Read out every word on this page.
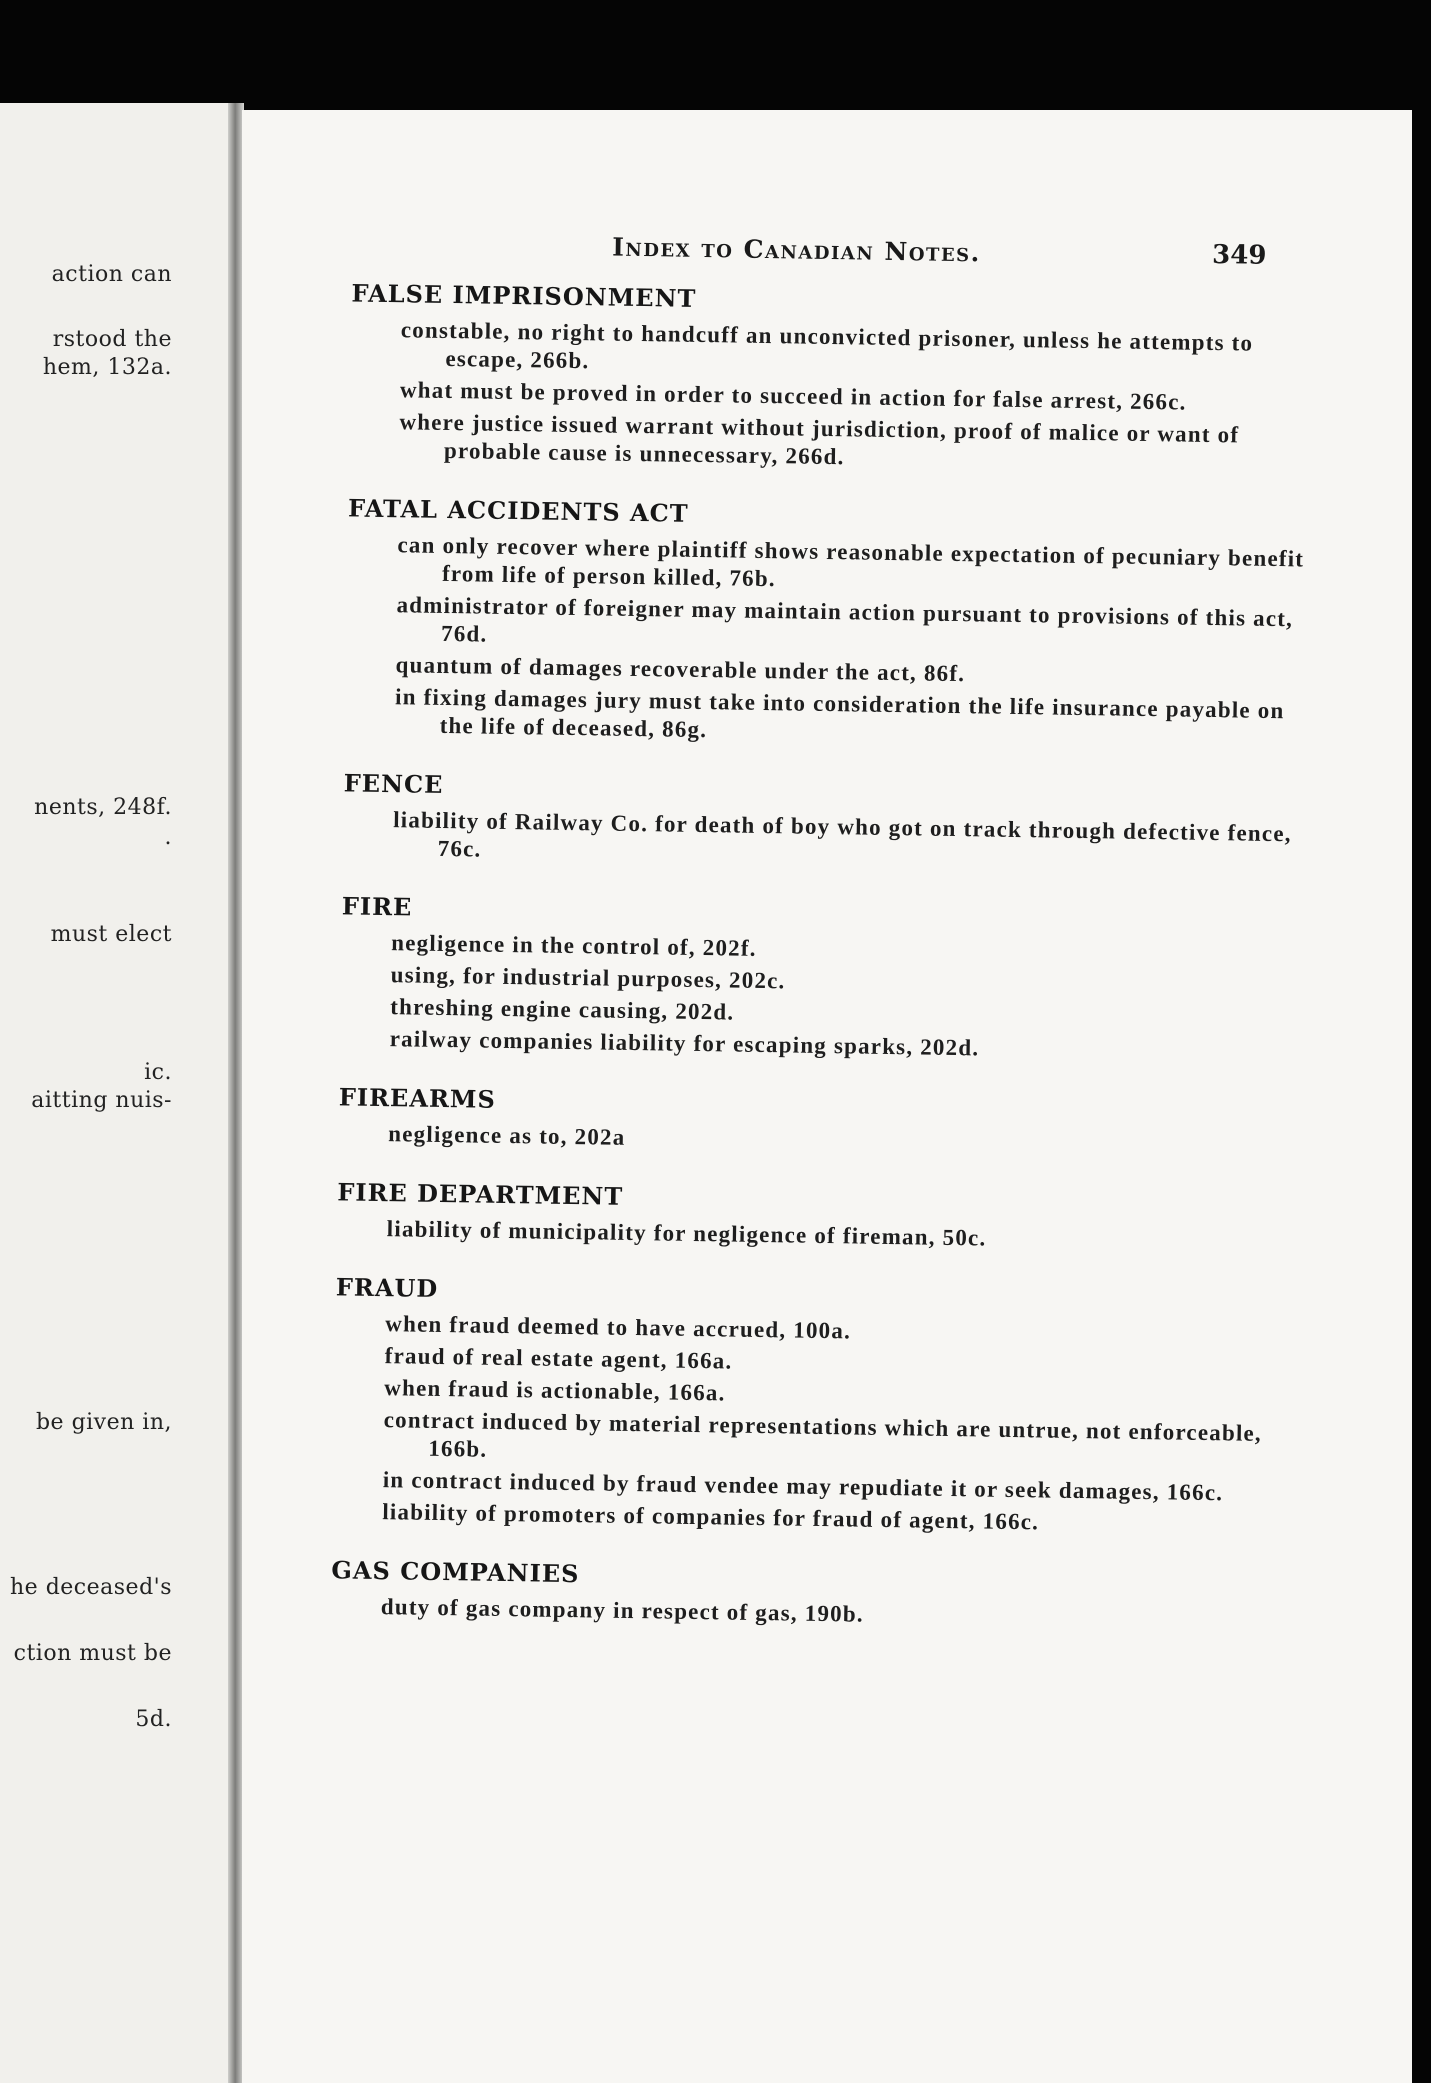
action can
rstood the
hem, 132a.
nents, 248f.
.
must elect
ic.
aitting nuis-
be given in,
he deceased's
ction must be
5d.
Index to Canadian Notes.	349
FALSE IMPRISONMENT
constable, no right to handcuff an unconvicted prisoner, unless he attempts to escape, 266b.
what must be proved in order to succeed in action for false arrest, 266c.
where justice issued warrant without jurisdiction, proof of malice or want of probable cause is unnecessary, 266d.
FATAL ACCIDENTS ACT
can only recover where plaintiff shows reasonable expectation of pecuniary benefit from life of person killed, 76b.
administrator of foreigner may maintain action pursuant to provisions of this act, 76d.
quantum of damages recoverable under the act, 86f.
in fixing damages jury must take into consideration the life insurance payable on the life of deceased, 86g.
FENCE
liability of Railway Co. for death of boy who got on track through defective fence, 76c.
FIRE
negligence in the control of, 202f.
using, for industrial purposes, 202c.
threshing engine causing, 202d.
railway companies liability for escaping sparks, 202d.
FIREARMS
negligence as to, 202a
FIRE DEPARTMENT
liability of municipality for negligence of fireman, 50c.
FRAUD
when fraud deemed to have accrued, 100a.
fraud of real estate agent, 166a.
when fraud is actionable, 166a.
contract induced by material representations which are untrue, not enforceable, 166b.
in contract induced by fraud vendee may repudiate it or seek damages, 166c.
liability of promoters of companies for fraud of agent, 166c.
GAS COMPANIES
duty of gas company in respect of gas, 190b.
